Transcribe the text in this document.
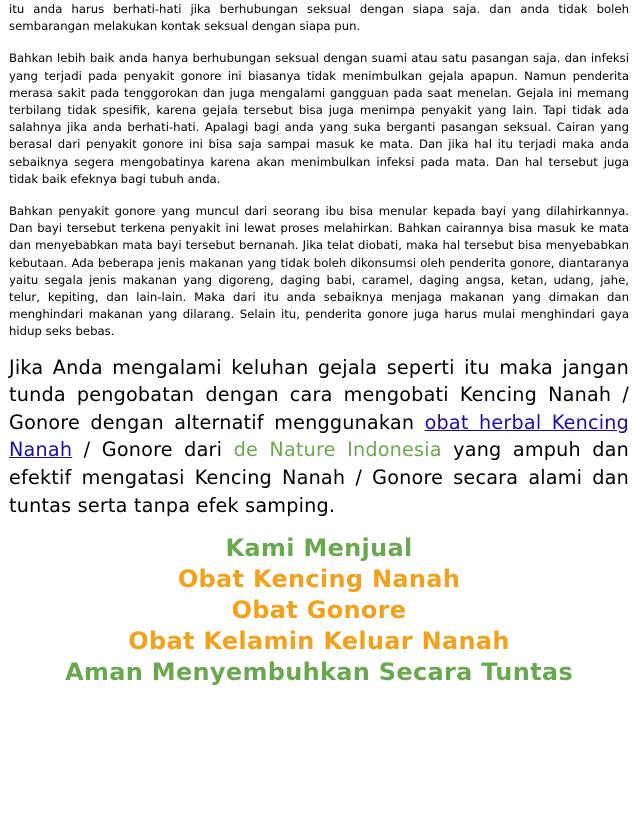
itu anda harus berhati-hati jika berhubungan seksual dengan siapa saja. dan anda tidak boleh sembarangan melakukan kontak seksual dengan siapa pun.

Bahkan lebih baik anda hanya berhubungan seksual dengan suami atau satu pasangan saja. dan infeksi yang terjadi pada penyakit gonore ini biasanya tidak menimbulkan gejala apapun. Namun penderita merasa sakit pada tenggorokan dan juga mengalami gangguan pada saat menelan. Gejala ini memang terbilang tidak spesifik, karena gejala tersebut bisa juga menimpa penyakit yang lain. Tapi tidak ada salahnya jika anda berhati-hati. Apalagi bagi anda yang suka berganti pasangan seksual. Cairan yang berasal dari penyakit gonore ini bisa saja sampai masuk ke mata. Dan jika hal itu terjadi maka anda sebaiknya segera mengobatinya karena akan menimbulkan infeksi pada mata. Dan hal tersebut juga tidak baik efeknya bagi tubuh anda.

Bahkan penyakit gonore yang muncul dari seorang ibu bisa menular kepada bayi yang dilahirkannya. Dan bayi tersebut terkena penyakit ini lewat proses melahirkan. Bahkan cairannya bisa masuk ke mata dan menyebabkan mata bayi tersebut bernanah. Jika telat diobati, maka hal tersebut bisa menyebabkan kebutaan. Ada beberapa jenis makanan yang tidak boleh dikonsumsi oleh penderita gonore, diantaranya yaitu segala jenis makanan yang digoreng, daging babi, caramel, daging angsa, ketan, udang, jahe, telur, kepiting, dan lain-lain. Maka dari itu anda sebaiknya menjaga makanan yang dimakan dan menghindari makanan yang dilarang. Selain itu, penderita gonore juga harus mulai menghindari gaya hidup seks bebas.

Jika Anda mengalami keluhan gejala seperti itu maka jangan tunda pengobatan dengan cara mengobati Kencing Nanah / Gonore dengan alternatif menggunakan obat herbal Kencing Nanah / Gonore dari de Nature Indonesia yang ampuh dan efektif mengatasi Kencing Nanah / Gonore secara alami dan tuntas serta tanpa efek samping.

Kami Menjual
Obat Kencing Nanah
Obat Gonore
Obat Kelamin Keluar Nanah
Aman Menyembuhkan Secara Tuntas
